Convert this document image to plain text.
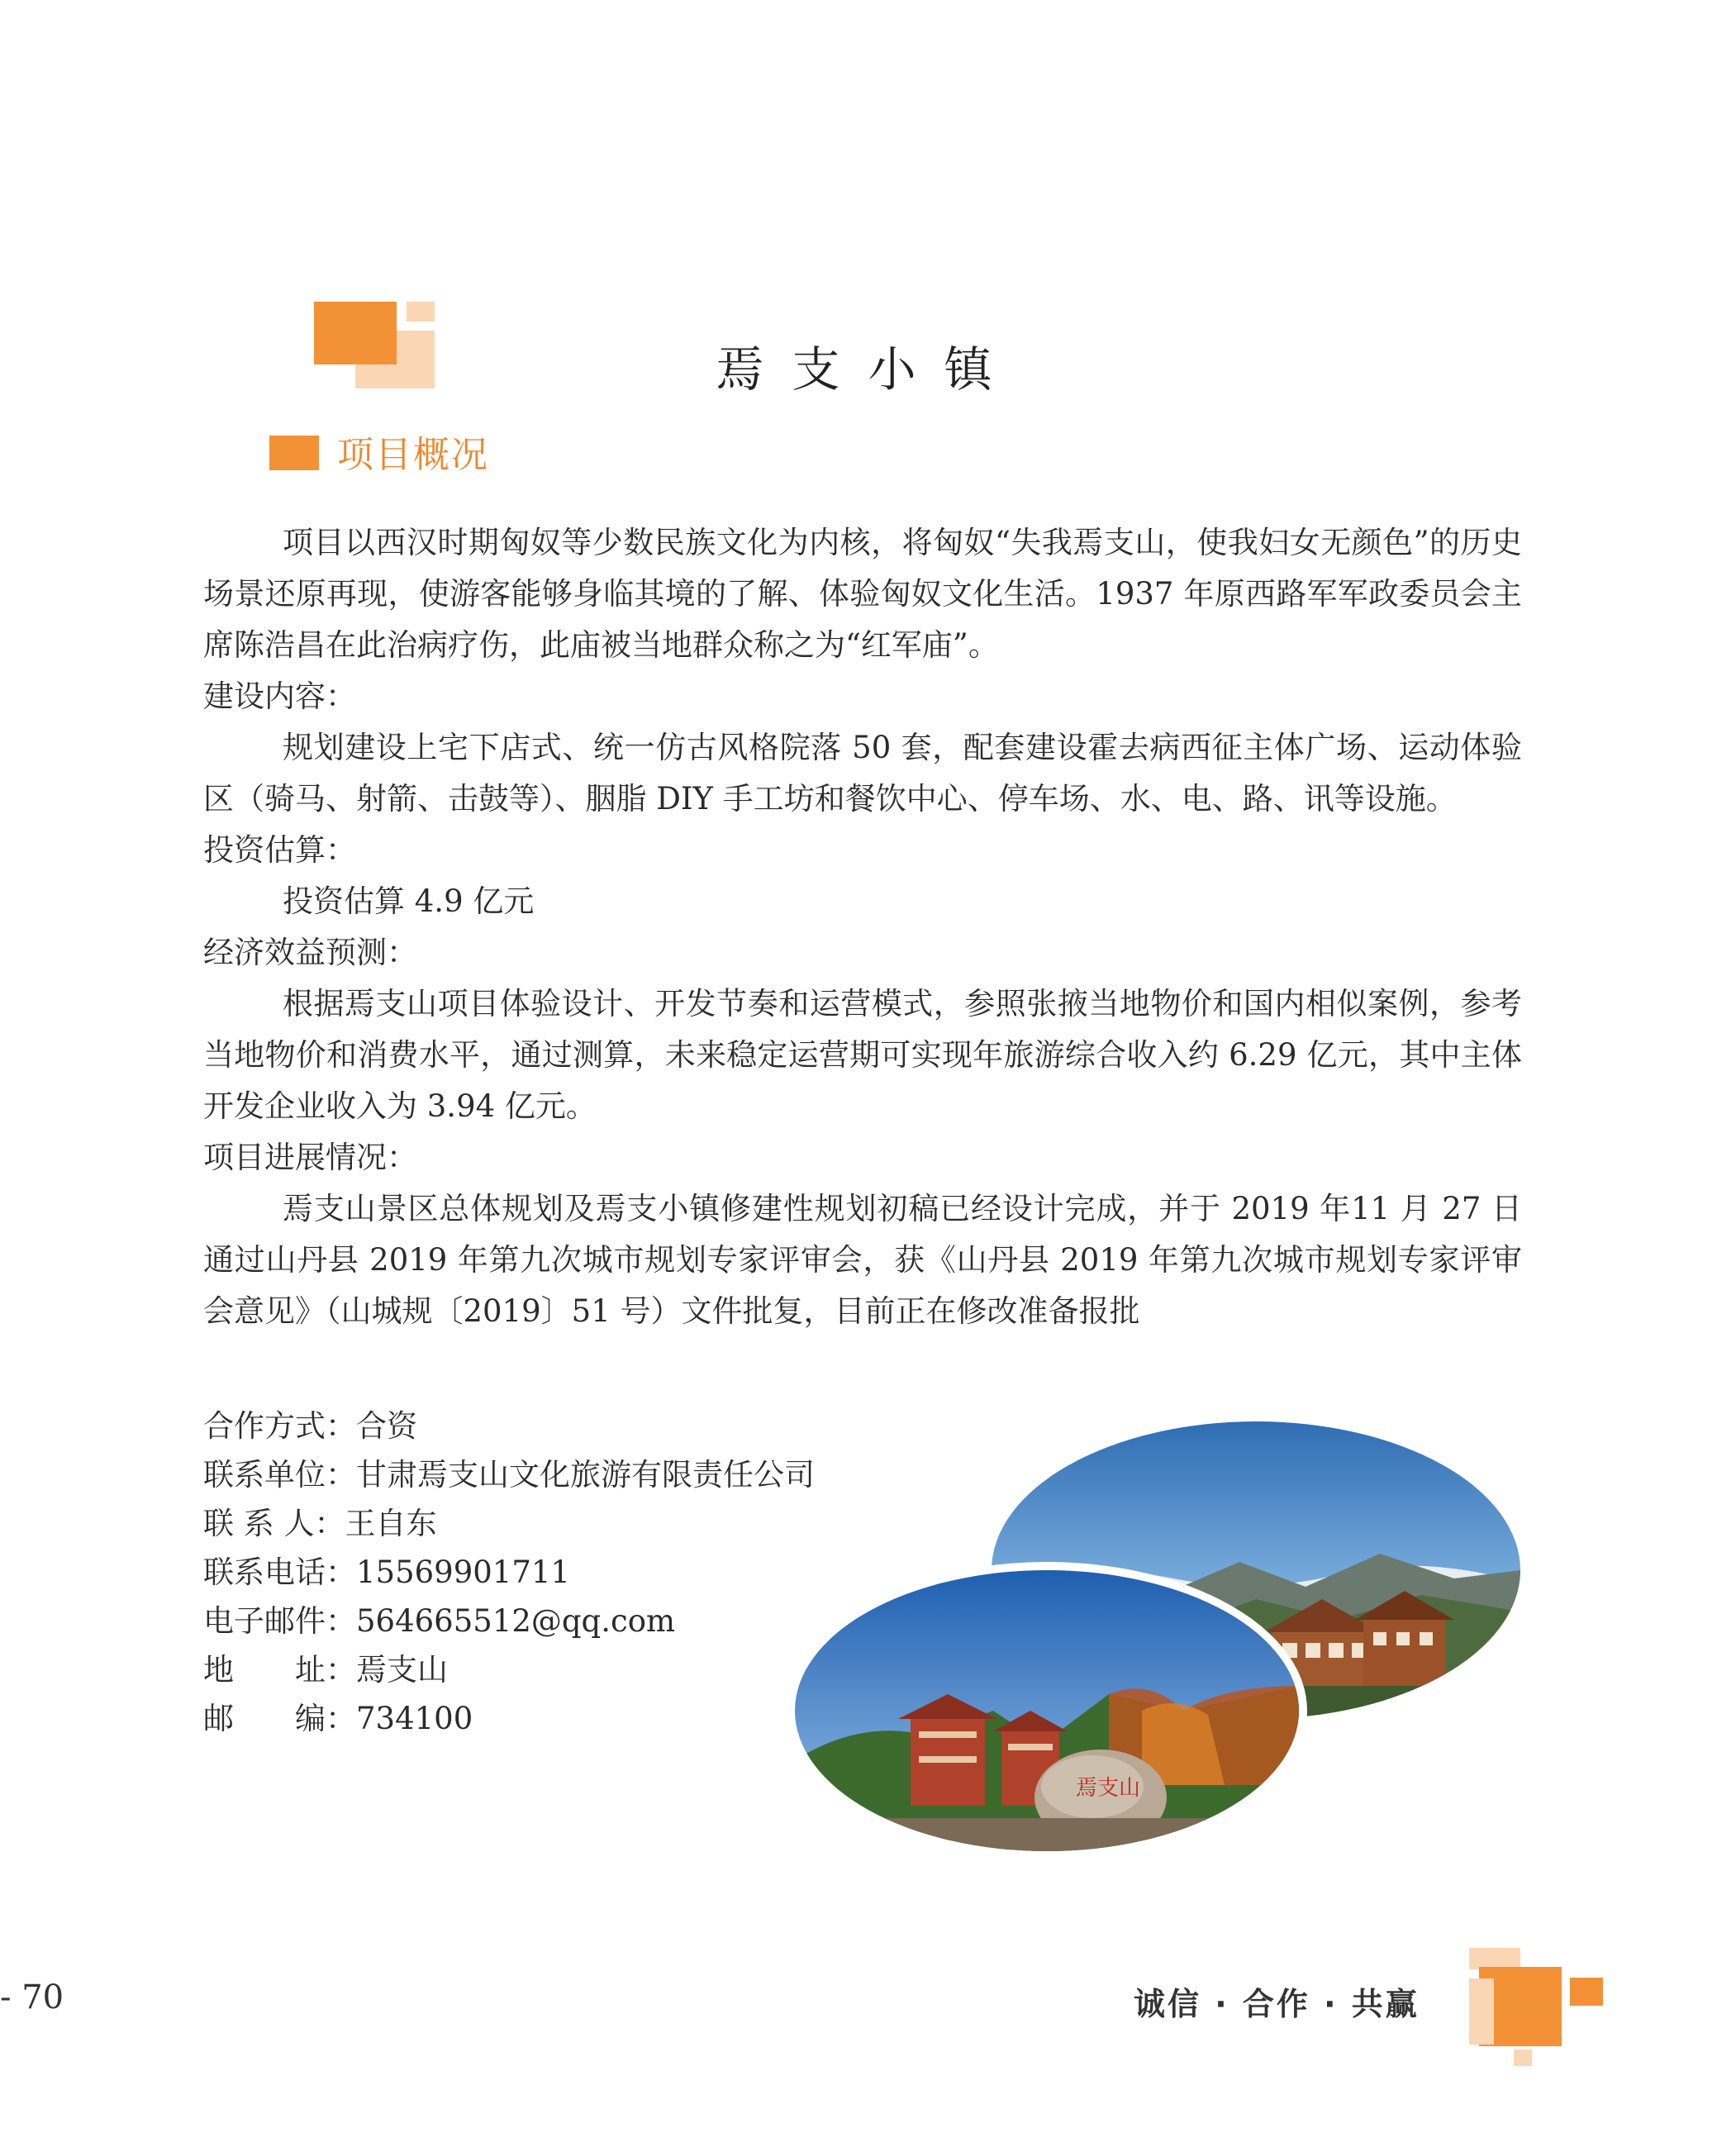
焉支小镇
项目概况

项目以西汉时期匈奴等少数民族文化为内核，将匈奴“失我焉支山，使我妇女无颜色”的历史场景还原再现，使游客能够身临其境的了解、体验匈奴文化生活。1937 年原西路军军政委员会主席陈浩昌在此治病疗伤，此庙被当地群众称之为“红军庙”。

建设内容：

规划建设上宅下店式、统一仿古风格院落 50 套，配套建设霍去病西征主体广场、运动体验区（骑马、射箭、击鼓等）、胭脂 DIY 手工坊和餐饮中心、停车场、水、电、路、讯等设施。

投资估算：

投资估算 4.9 亿元

经济效益预测：

根据焉支山项目体验设计、开发节奏和运营模式，参照张掖当地物价和国内相似案例，参考当地物价和消费水平，通过测算，未来稳定运营期可实现年旅游综合收入约 6.29 亿元，其中主体开发企业收入为 3.94 亿元。

项目进展情况：

焉支山景区总体规划及焉支小镇修建性规划初稿已经设计完成，并于 2019 年11 月 27 日通过山丹县 2019 年第九次城市规划专家评审会，获《山丹县 2019 年第九次城市规划专家评审会意见》（山城规〔2019〕51 号）文件批复，目前正在修改准备报批

合作方式：合资
联系单位：甘肃焉支山文化旅游有限责任公司
联 系 人：王自东
联系电话：15569901711
电子邮件：564665512@qq.com
地　　址：焉支山
邮　　编：734100
焉支山
- 70	诚信 · 合作 · 共赢
